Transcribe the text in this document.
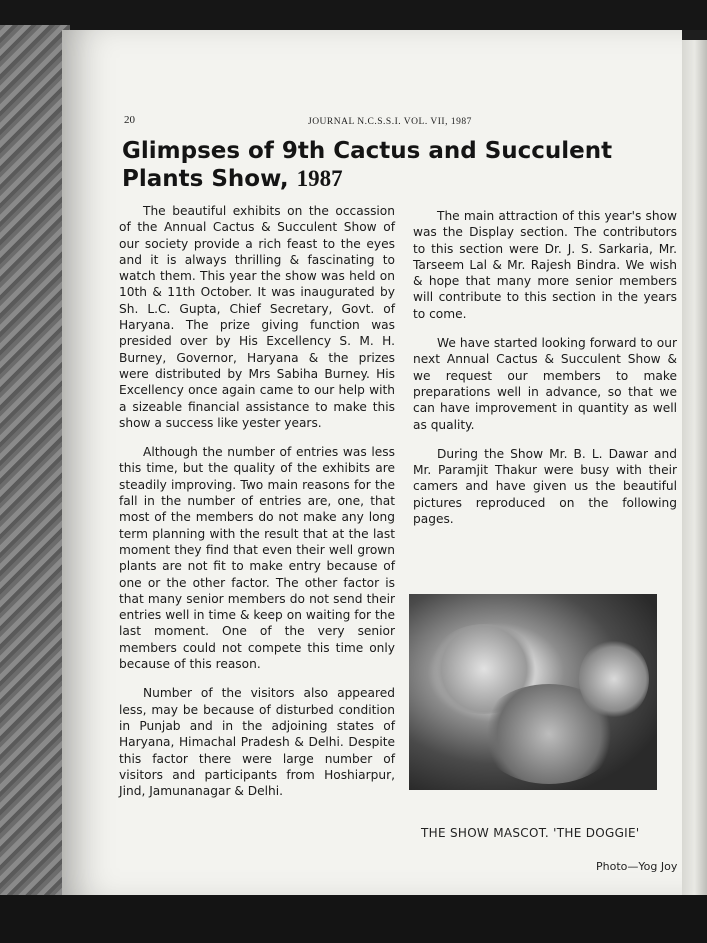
20	JOURNAL N.C.S.S.I. VOL. VII, 1987
Glimpses of 9th Cactus and Succulent Plants Show, 1987

The beautiful exhibits on the occassion of the Annual Cactus & Succulent Show of our society provide a rich feast to the eyes and it is always thrilling & fascinating to watch them. This year the show was held on 10th & 11th October. It was inaugurated by Sh. L.C. Gupta, Chief Secretary, Govt. of Haryana. The prize giving function was presided over by His Excellency S. M. H. Burney, Governor, Haryana & the prizes were distributed by Mrs Sabiha Burney. His Excellency once again came to our help with a sizeable financial assistance to make this show a success like yester years.

Although the number of entries was less this time, but the quality of the exhibits are steadily improving. Two main reasons for the fall in the number of entries are, one, that most of the members do not make any long term planning with the result that at the last moment they find that even their well grown plants are not fit to make entry because of one or the other factor. The other factor is that many senior members do not send their entries well in time & keep on waiting for the last moment. One of the very senior members could not compete this time only because of this reason.

Number of the visitors also appeared less, may be because of disturbed condition in Punjab and in the adjoining states of Haryana, Himachal Pradesh & Delhi. Despite this factor there were large number of visitors and participants from Hoshiarpur, Jind, Jamunanagar & Delhi.

The main attraction of this year's show was the Display section. The contributors to this section were Dr. J. S. Sarkaria, Mr. Tarseem Lal & Mr. Rajesh Bindra. We wish & hope that many more senior members will contribute to this section in the years to come.

We have started looking forward to our next Annual Cactus & Succulent Show & we request our members to make preparations well in advance, so that we can have improvement in quantity as well as quality.

During the Show Mr. B. L. Dawar and Mr. Paramjit Thakur were busy with their camers and have given us the beautiful pictures reproduced on the following pages.

THE SHOW MASCOT. 'THE DOGGIE'
Photo—Yog Joy
